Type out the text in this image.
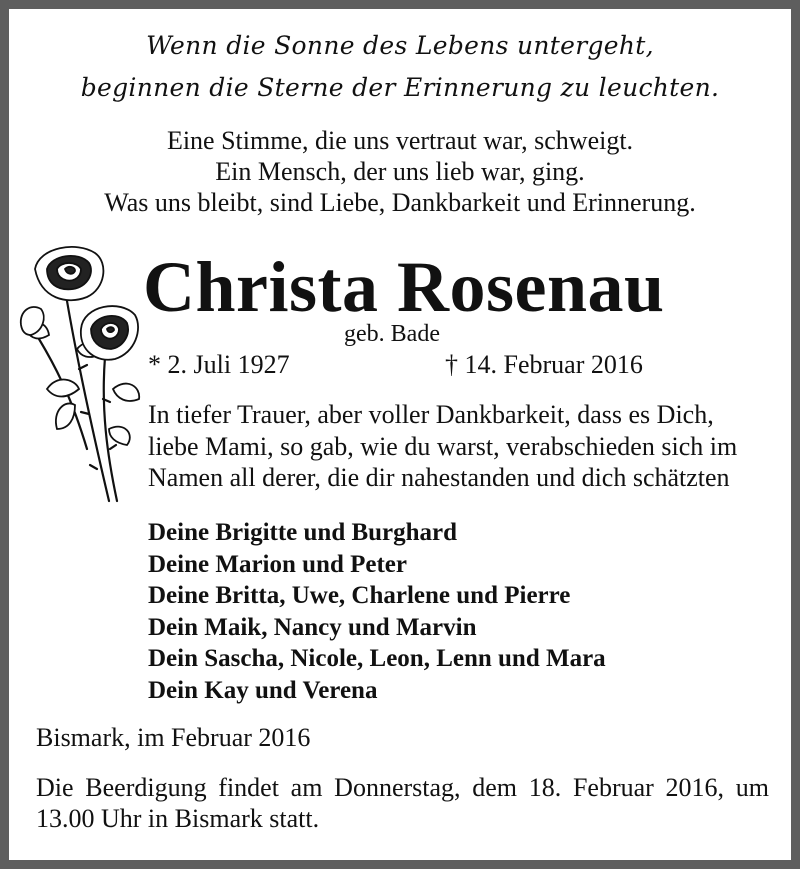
Wenn die Sonne des Lebens untergeht,
beginnen die Sterne der Erinnerung zu leuchten.
Eine Stimme, die uns vertraut war, schweigt.
Ein Mensch, der uns lieb war, ging.
Was uns bleibt, sind Liebe, Dankbarkeit und Erinnerung.
Christa Rosenau
geb. Bade
* 2. Juli 1927	† 14. Februar 2016
In tiefer Trauer, aber voller Dankbarkeit, dass es Dich,
liebe Mami, so gab, wie du warst, verabschieden sich im
Namen all derer, die dir nahestanden und dich schätzten
Deine Brigitte und Burghard
Deine Marion und Peter
Deine Britta, Uwe, Charlene und Pierre
Dein Maik, Nancy und Marvin
Dein Sascha, Nicole, Leon, Lenn und Mara
Dein Kay und Verena
Bismark, im Februar 2016
Die Beerdigung findet am Donnerstag, dem 18. Februar 2016, um 13.00 Uhr in Bismark statt.
